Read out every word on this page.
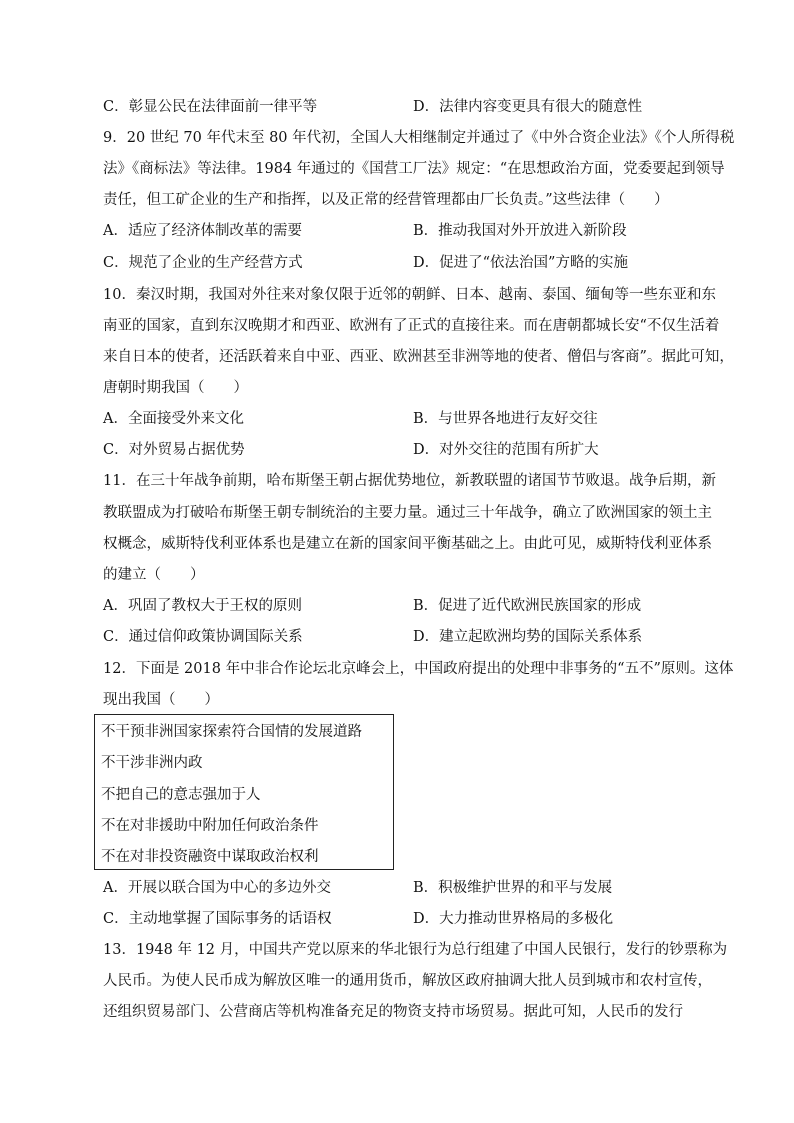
C．彰显公民在法律面前一律平等	D．法律内容变更具有很大的随意性
9．20 世纪 70 年代末至 80 年代初，全国人大相继制定并通过了《中外合资企业法》《个人所得税
法》《商标法》等法律。1984 年通过的《国营工厂法》规定：“在思想政治方面，党委要起到领导
责任，但工矿企业的生产和指挥，以及正常的经营管理都由厂长负责。”这些法律（　　）
A．适应了经济体制改革的需要	B．推动我国对外开放进入新阶段
C．规范了企业的生产经营方式	D．促进了“依法治国”方略的实施
10．秦汉时期，我国对外往来对象仅限于近邻的朝鲜、日本、越南、泰国、缅甸等一些东亚和东
南亚的国家，直到东汉晚期才和西亚、欧洲有了正式的直接往来。而在唐朝都城长安“不仅生活着
来自日本的使者，还活跃着来自中亚、西亚、欧洲甚至非洲等地的使者、僧侣与客商”。据此可知，
唐朝时期我国（　　）
A．全面接受外来文化	B．与世界各地进行友好交往
C．对外贸易占据优势	D．对外交往的范围有所扩大
11．在三十年战争前期，哈布斯堡王朝占据优势地位，新教联盟的诸国节节败退。战争后期，新
教联盟成为打破哈布斯堡王朝专制统治的主要力量。通过三十年战争，确立了欧洲国家的领土主
权概念，威斯特伐利亚体系也是建立在新的国家间平衡基础之上。由此可见，威斯特伐利亚体系
的建立（　　）
A．巩固了教权大于王权的原则	B．促进了近代欧洲民族国家的形成
C．通过信仰政策协调国际关系	D．建立起欧洲均势的国际关系体系
12．下面是 2018 年中非合作论坛北京峰会上，中国政府提出的处理中非事务的“五不”原则。这体
现出我国（　　）
不干预非洲国家探索符合国情的发展道路
不干涉非洲内政
不把自己的意志强加于人
不在对非援助中附加任何政治条件
不在对非投资融资中谋取政治权利
A．开展以联合国为中心的多边外交	B．积极维护世界的和平与发展
C．主动地掌握了国际事务的话语权	D．大力推动世界格局的多极化
13．1948 年 12 月，中国共产党以原来的华北银行为总行组建了中国人民银行，发行的钞票称为
人民币。为使人民币成为解放区唯一的通用货币，解放区政府抽调大批人员到城市和农村宣传，
还组织贸易部门、公营商店等机构准备充足的物资支持市场贸易。据此可知，人民币的发行
